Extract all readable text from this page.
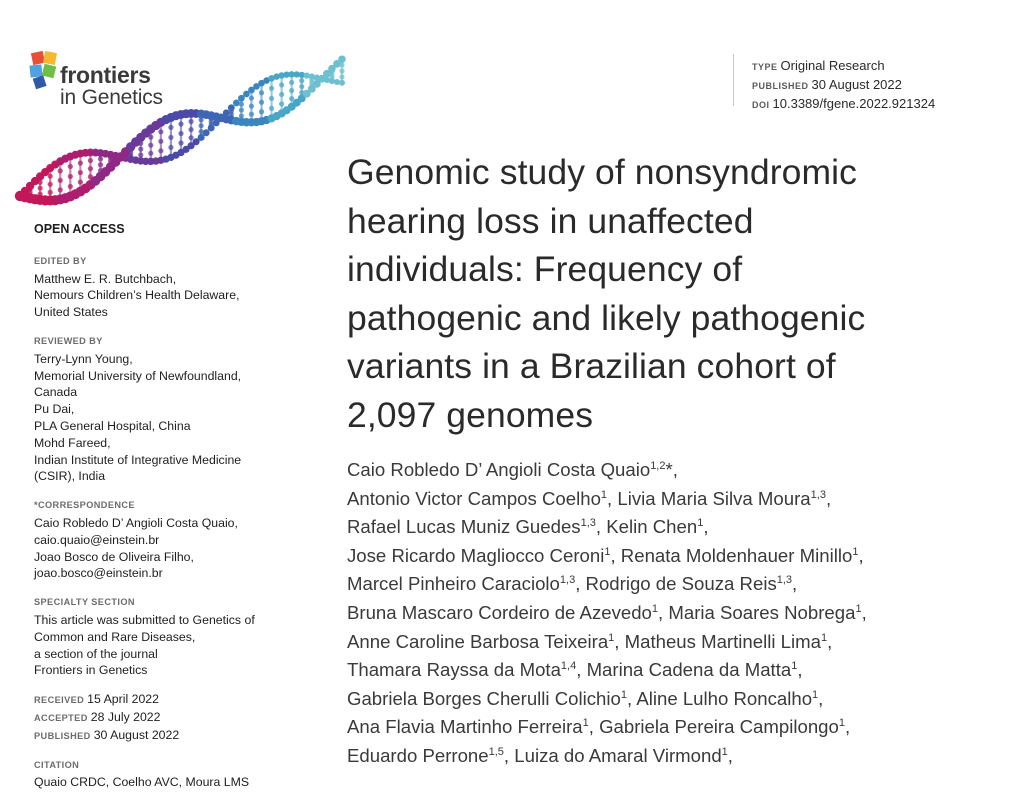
frontiers
in Genetics
TYPE Original Research
PUBLISHED 30 August 2022
DOI 10.3389/fgene.2022.921324
OPEN ACCESS
EDITED BY
Matthew E. R. Butchbach,
Nemours Children’s Health Delaware,
United States
REVIEWED BY
Terry-Lynn Young,
Memorial University of Newfoundland,
Canada
Pu Dai,
PLA General Hospital, China
Mohd Fareed,
Indian Institute of Integrative Medicine
(CSIR), India
*CORRESPONDENCE
Caio Robledo D’ Angioli Costa Quaio,
caio.quaio@einstein.br
Joao Bosco de Oliveira Filho,
joao.bosco@einstein.br
SPECIALTY SECTION
This article was submitted to Genetics of
Common and Rare Diseases,
a section of the journal
Frontiers in Genetics
RECEIVED 15 April 2022
ACCEPTED 28 July 2022
PUBLISHED 30 August 2022
CITATION
Quaio CRDC, Coelho AVC, Moura LMS
Genomic study of nonsyndromic
hearing loss in unaffected
individuals: Frequency of
pathogenic and likely pathogenic
variants in a Brazilian cohort of
2,097 genomes
Caio Robledo D’ Angioli Costa Quaio$^{1,2}$*,
Antonio Victor Campos Coelho$^1$, Livia Maria Silva Moura$^{1,3}$,
Rafael Lucas Muniz Guedes$^{1,3}$, Kelin Chen$^1$,
Jose Ricardo Magliocco Ceroni$^1$, Renata Moldenhauer Minillo$^1$,
Marcel Pinheiro Caraciolo$^{1,3}$, Rodrigo de Souza Reis$^{1,3}$,
Bruna Mascaro Cordeiro de Azevedo$^1$, Maria Soares Nobrega$^1$,
Anne Caroline Barbosa Teixeira$^1$, Matheus Martinelli Lima$^1$,
Thamara Rayssa da Mota$^{1,4}$, Marina Cadena da Matta$^1$,
Gabriela Borges Cherulli Colichio$^1$, Aline Lulho Roncalho$^1$,
Ana Flavia Martinho Ferreira$^1$, Gabriela Pereira Campilongo$^1$,
Eduardo Perrone$^{1,5}$, Luiza do Amaral Virmond$^1$,
